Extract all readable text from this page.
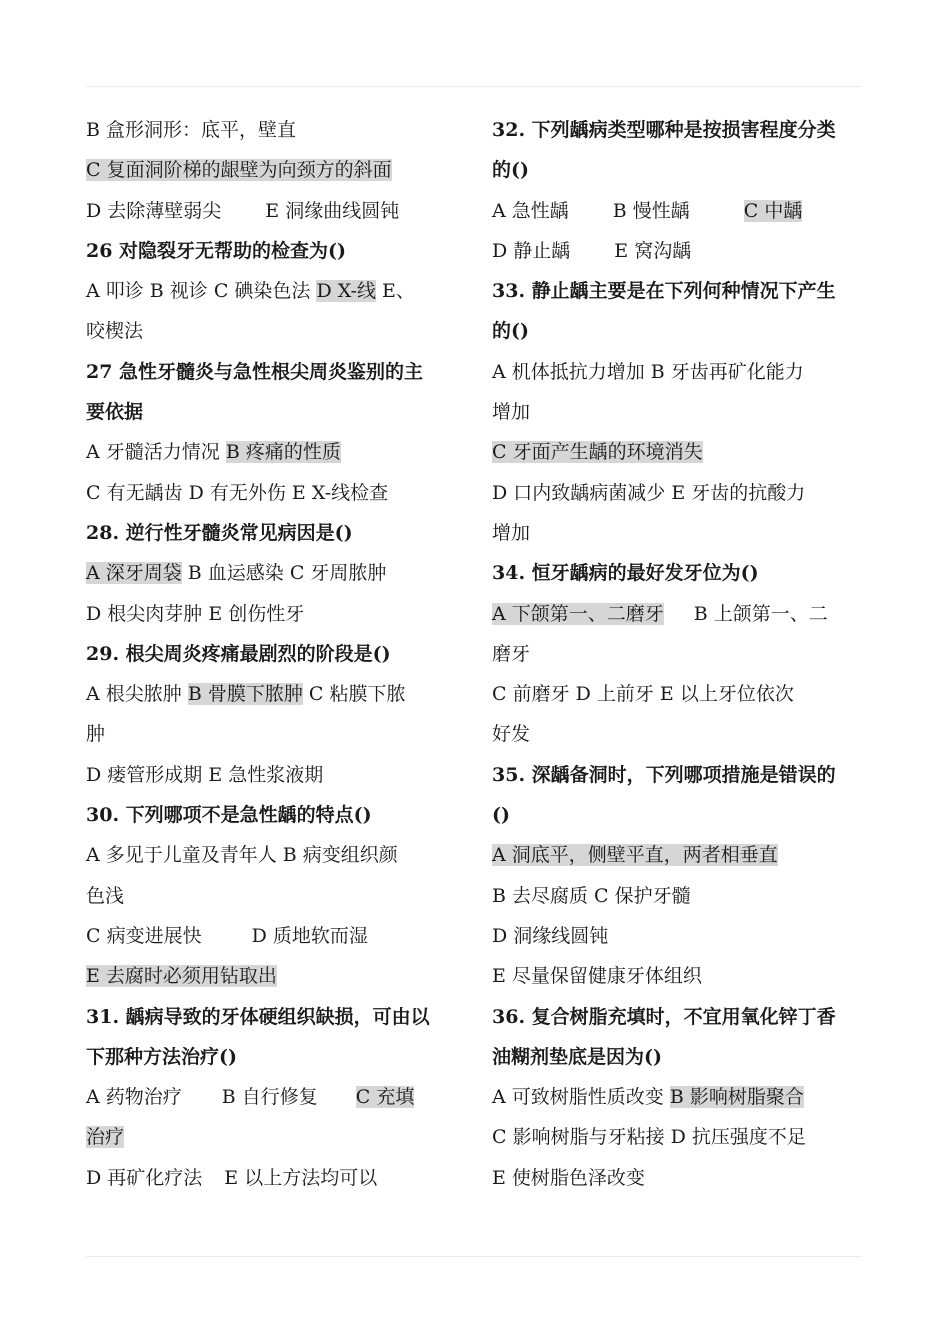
B 盒形洞形：底平，壁直
C 复面洞阶梯的龈壁为向颈方的斜面
D 去除薄壁弱尖 E 洞缘曲线圆钝
26 对隐裂牙无帮助的检查为()
A 叩诊 B 视诊 C 碘染色法 D X-线 E、
咬楔法
27 急性牙髓炎与急性根尖周炎鉴别的主
要依据
A 牙髓活力情况 B 疼痛的性质
C 有无龋齿 D 有无外伤 E X-线检查
28. 逆行性牙髓炎常见病因是()
A 深牙周袋 B 血运感染 C 牙周脓肿
D 根尖肉芽肿 E 创伤性牙
29. 根尖周炎疼痛最剧烈的阶段是()
A 根尖脓肿 B 骨膜下脓肿 C 粘膜下脓
肿
D 瘘管形成期 E 急性浆液期
30. 下列哪项不是急性龋的特点()
A 多见于儿童及青年人 B 病变组织颜
色浅
C 病变进展快	D 质地软而湿
E 去腐时必须用钻取出
31. 龋病导致的牙体硬组织缺损，可由以
下那种方法治疗()
A 药物治疗 B 自行修复 C 充填
治疗
D 再矿化疗法 E 以上方法均可以
32. 下列龋病类型哪种是按损害程度分类
的()
A 急性龋 B 慢性龋	C 中龋
D 静止龋 E 窝沟龋
33. 静止龋主要是在下列何种情况下产生
的()
A 机体抵抗力增加 B 牙齿再矿化能力
增加
C 牙面产生龋的环境消失
D 口内致龋病菌减少 E 牙齿的抗酸力
增加
34. 恒牙龋病的最好发牙位为()
A 下颌第一、二磨牙 B 上颌第一、二
磨牙
C 前磨牙 D 上前牙 E 以上牙位依次
好发
35. 深龋备洞时，下列哪项措施是错误的
()
A 洞底平，侧壁平直，两者相垂直
B 去尽腐质 C 保护牙髓
D 洞缘线圆钝
E 尽量保留健康牙体组织
36. 复合树脂充填时，不宜用氧化锌丁香
油糊剂垫底是因为()
A 可致树脂性质改变 B 影响树脂聚合
C 影响树脂与牙粘接 D 抗压强度不足
E 使树脂色泽改变
